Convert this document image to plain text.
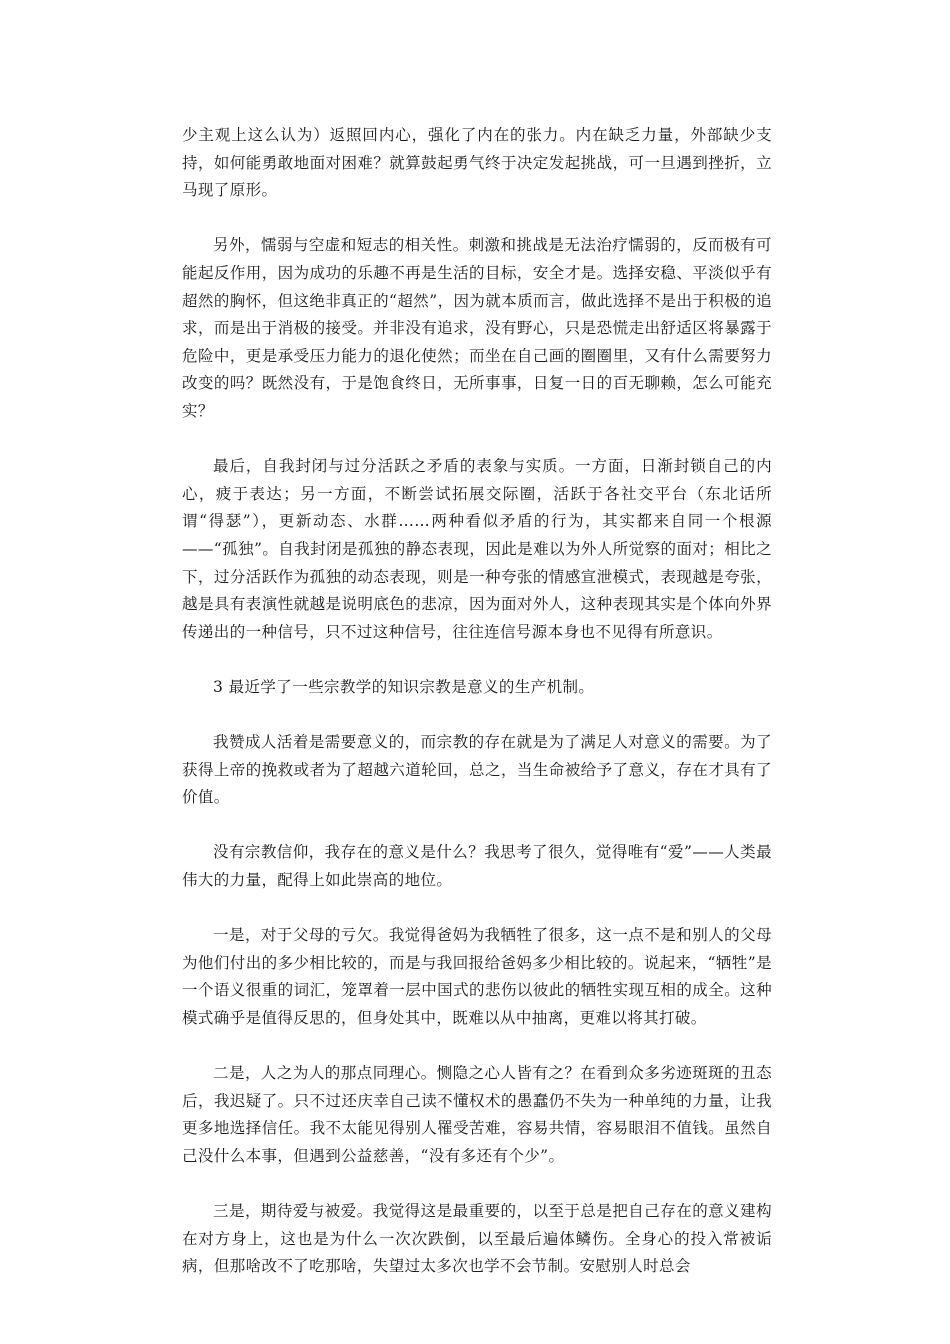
少主观上这么认为）返照回内心，强化了内在的张力。内在缺乏力量，外部缺少支持，如何能勇敢地面对困难？就算鼓起勇气终于决定发起挑战，可一旦遇到挫折，立马现了原形。

另外，懦弱与空虚和短志的相关性。刺激和挑战是无法治疗懦弱的，反而极有可能起反作用，因为成功的乐趣不再是生活的目标，安全才是。选择安稳、平淡似乎有超然的胸怀，但这绝非真正的“超然”，因为就本质而言，做此选择不是出于积极的追求，而是出于消极的接受。并非没有追求，没有野心，只是恐慌走出舒适区将暴露于危险中，更是承受压力能力的退化使然；而坐在自己画的圈圈里，又有什么需要努力改变的吗？既然没有，于是饱食终日，无所事事，日复一日的百无聊赖，怎么可能充实？

最后，自我封闭与过分活跃之矛盾的表象与实质。一方面，日渐封锁自己的内心，疲于表达；另一方面，不断尝试拓展交际圈，活跃于各社交平台（东北话所谓“得瑟”），更新动态、水群……两种看似矛盾的行为，其实都来自同一个根源——“孤独”。自我封闭是孤独的静态表现，因此是难以为外人所觉察的面对；相比之下，过分活跃作为孤独的动态表现，则是一种夸张的情感宣泄模式，表现越是夸张，越是具有表演性就越是说明底色的悲凉，因为面对外人，这种表现其实是个体向外界传递出的一种信号，只不过这种信号，往往连信号源本身也不见得有所意识。

3 最近学了一些宗教学的知识宗教是意义的生产机制。

我赞成人活着是需要意义的，而宗教的存在就是为了满足人对意义的需要。为了获得上帝的挽救或者为了超越六道轮回，总之，当生命被给予了意义，存在才具有了价值。

没有宗教信仰，我存在的意义是什么？我思考了很久，觉得唯有“爱”——人类最伟大的力量，配得上如此崇高的地位。

一是，对于父母的亏欠。我觉得爸妈为我牺牲了很多，这一点不是和别人的父母为他们付出的多少相比较的，而是与我回报给爸妈多少相比较的。说起来，“牺牲”是一个语义很重的词汇，笼罩着一层中国式的悲伤以彼此的牺牲实现互相的成全。这种模式确乎是值得反思的，但身处其中，既难以从中抽离，更难以将其打破。

二是，人之为人的那点同理心。恻隐之心人皆有之？在看到众多劣迹斑斑的丑态后，我迟疑了。只不过还庆幸自己读不懂权术的愚蠢仍不失为一种单纯的力量，让我更多地选择信任。我不太能见得别人罹受苦难，容易共情，容易眼泪不值钱。虽然自己没什么本事，但遇到公益慈善，“没有多还有个少”。

三是，期待爱与被爱。我觉得这是最重要的，以至于总是把自己存在的意义建构在对方身上，这也是为什么一次次跌倒，以至最后遍体鳞伤。全身心的投入常被诟病，但那啥改不了吃那啥，失望过太多次也学不会节制。安慰别人时总会
